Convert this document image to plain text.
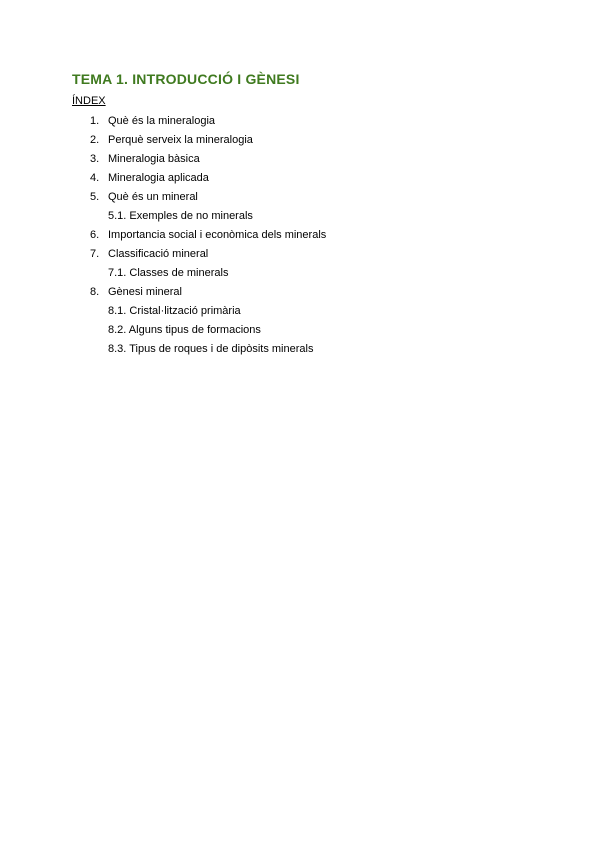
TEMA 1. INTRODUCCIÓ I GÈNESI
ÍNDEX
1. Què és la mineralogia
2. Perquè serveix la mineralogia
3. Mineralogia bàsica
4. Mineralogia aplicada
5. Què és un mineral
5.1. Exemples de no minerals
6. Importancia social i econòmica dels minerals
7. Classificació mineral
7.1. Classes de minerals
8. Gènesi mineral
8.1. Cristal·lització primària
8.2. Alguns tipus de formacions
8.3. Tipus de roques i de dipòsits minerals
